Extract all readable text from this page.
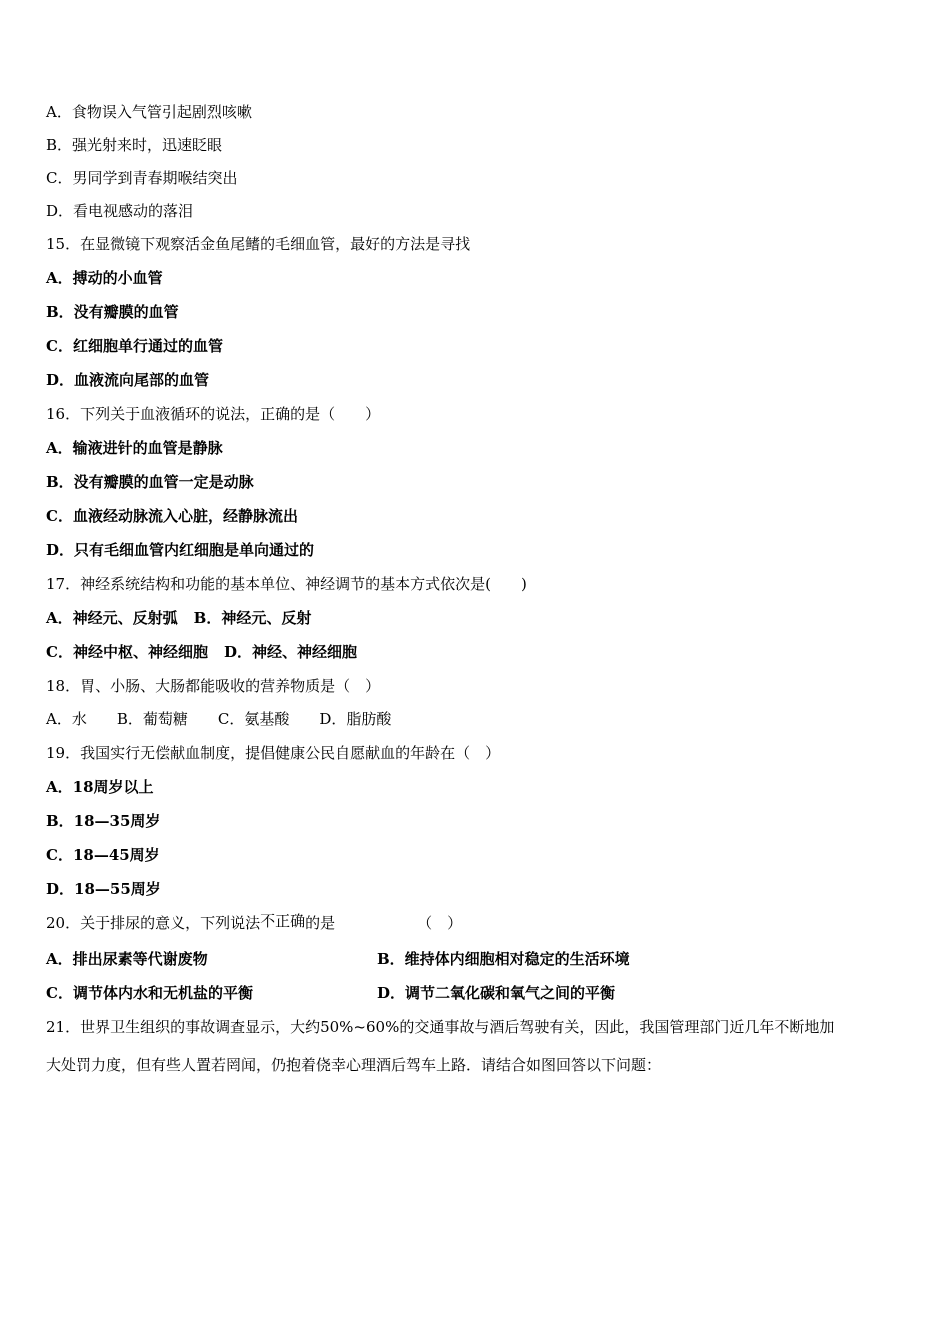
A．食物误入气管引起剧烈咳嗽
B．强光射来时，迅速眨眼
C．男同学到青春期喉结突出
D．看电视感动的落泪
15．在显微镜下观察活金鱼尾鳍的毛细血管，最好的方法是寻找
A．搏动的小血管
B．没有瓣膜的血管
C．红细胞单行通过的血管
D．血液流向尾部的血管
16．下列关于血液循环的说法，正确的是（　　）
A．输液进针的血管是静脉
B．没有瓣膜的血管一定是动脉
C．血液经动脉流入心脏，经静脉流出
D．只有毛细血管内红细胞是单向通过的
17．神经系统结构和功能的基本单位、神经调节的基本方式依次是(　　)
A．神经元、反射弧 B．神经元、反射
C．神经中枢、神经细胞 D．神经、神经细胞
18．胃、小肠、大肠都能吸收的营养物质是（　）
A．水 B．葡萄糖 C．氨基酸 D．脂肪酸
19．我国实行无偿献血制度，提倡健康公民自愿献血的年龄在（　）
A．18周岁以上
B．18—35周岁
C．18—45周岁
D．18—55周岁
20．关于排尿的意义，下列说法不正确的是	（　）
A．排出尿素等代谢废物	B．维持体内细胞相对稳定的生活环境
C．调节体内水和无机盐的平衡	D．调节二氧化碳和氧气之间的平衡
21．世界卫生组织的事故调查显示，大约50%~60%的交通事故与酒后驾驶有关，因此，我国管理部门近几年不断地加
大处罚力度，但有些人置若罔闻，仍抱着侥幸心理酒后驾车上路．请结合如图回答以下问题：
